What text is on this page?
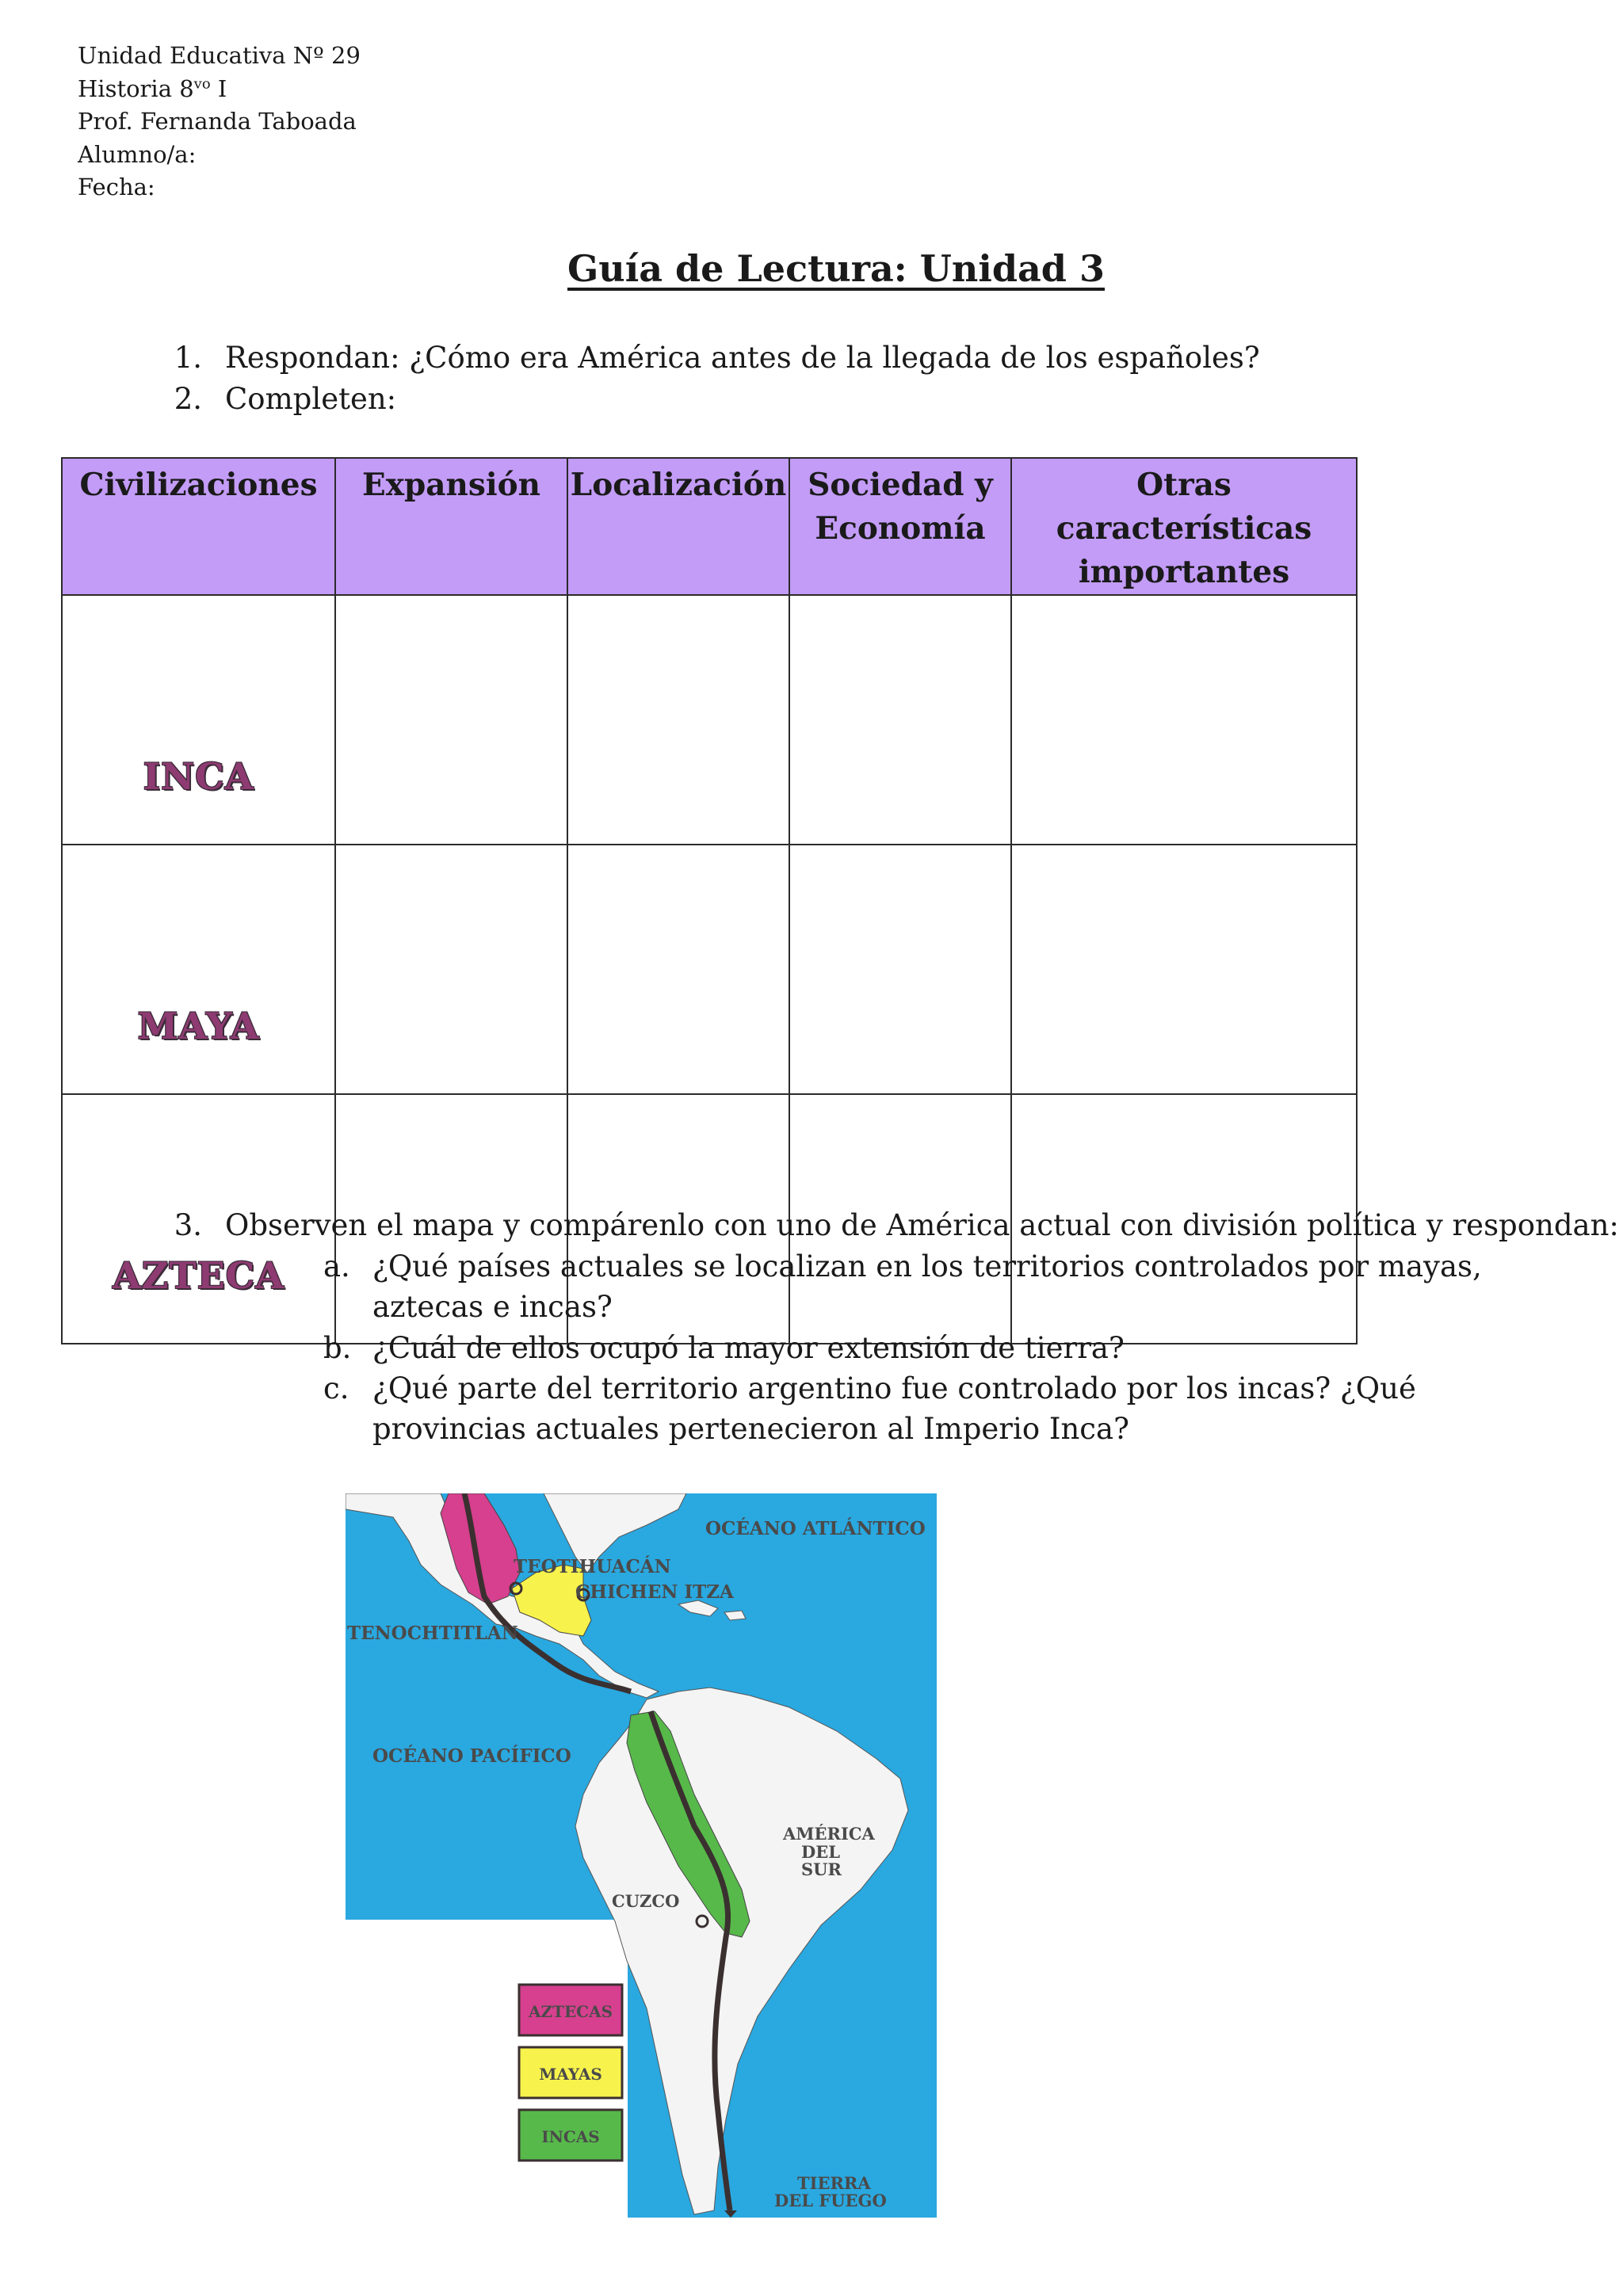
Unidad Educativa Nº 29
Historia $8^{vo}$ I
Prof. Fernanda Taboada
Alumno/a:
Fecha:
Guía de Lectura: Unidad 3
1. Respondan: ¿Cómo era América antes de la llegada de los españoles?
2. Completen:
Civilizaciones	Expansión	Localización	Sociedad y Economía	Otras características importantes
INCA				
MAYA				
AZTECA				
3. Observen el mapa y compárenlo con uno de América actual con división política y respondan:
a. ¿Qué países actuales se localizan en los territorios controlados por mayas, aztecas e incas?
b. ¿Cuál de ellos ocupó la mayor extensión de tierra?
c. ¿Qué parte del territorio argentino fue controlado por los incas? ¿Qué provincias actuales pertenecieron al Imperio Inca?
OCÉANO ATLÁNTICO
TEOTIHUACÁN
CHICHEN ITZA
TENOCHTITLAN
OCÉANO PACÍFICO
AMÉRICA
DEL
SUR
CUZCO
TIERRA
DEL FUEGO
AZTECAS
MAYAS
INCAS
